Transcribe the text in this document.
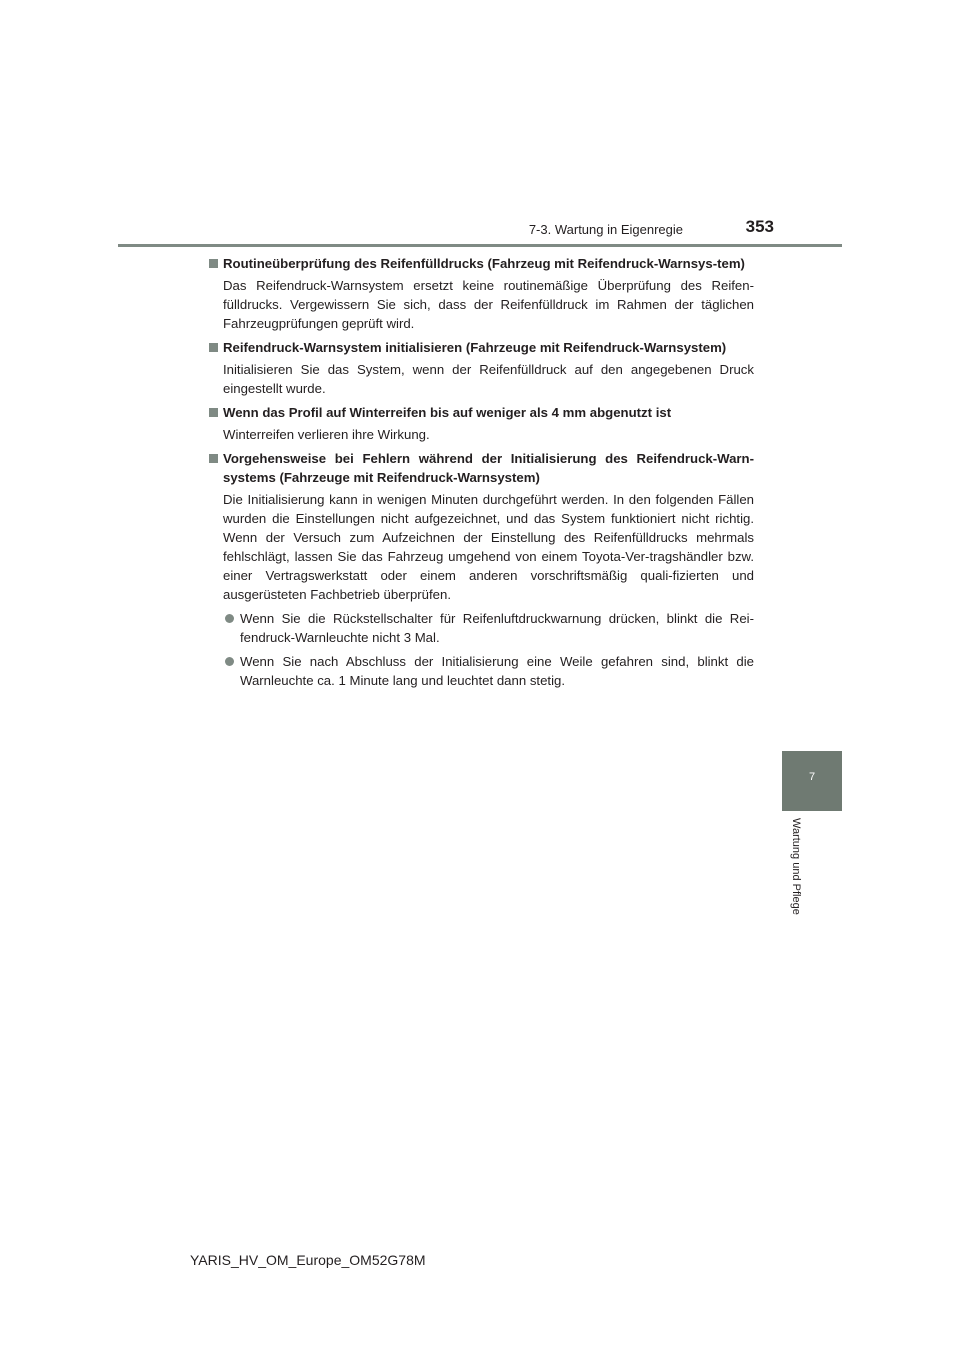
7-3. Wartung in Eigenregie	353
7
Wartung und Pflege
Routineüberprüfung des Reifenfülldrucks (Fahrzeug mit Reifendruck-Warnsys-tem)

Das Reifendruck-Warnsystem ersetzt keine routinemäßige Überprüfung des Reifen-fülldrucks. Vergewissern Sie sich, dass der Reifenfülldruck im Rahmen der täglichen Fahrzeugprüfungen geprüft wird.

Reifendruck-Warnsystem initialisieren (Fahrzeuge mit Reifendruck-Warnsystem)

Initialisieren Sie das System, wenn der Reifenfülldruck auf den angegebenen Druck eingestellt wurde.

Wenn das Profil auf Winterreifen bis auf weniger als 4 mm abgenutzt ist

Winterreifen verlieren ihre Wirkung.

Vorgehensweise bei Fehlern während der Initialisierung des Reifendruck-Warn-systems (Fahrzeuge mit Reifendruck-Warnsystem)

Die Initialisierung kann in wenigen Minuten durchgeführt werden. In den folgenden Fällen wurden die Einstellungen nicht aufgezeichnet, und das System funktioniert nicht richtig. Wenn der Versuch zum Aufzeichnen der Einstellung des Reifenfülldrucks mehrmals fehlschlägt, lassen Sie das Fahrzeug umgehend von einem Toyota-Ver-tragshändler bzw. einer Vertragswerkstatt oder einem anderen vorschriftsmäßig quali-fizierten und ausgerüsteten Fachbetrieb überprüfen.

Wenn Sie die Rückstellschalter für Reifenluftdruckwarnung drücken, blinkt die Rei-fendruck-Warnleuchte nicht 3 Mal.
Wenn Sie nach Abschluss der Initialisierung eine Weile gefahren sind, blinkt die Warnleuchte ca. 1 Minute lang und leuchtet dann stetig.
YARIS_HV_OM_Europe_OM52G78M
